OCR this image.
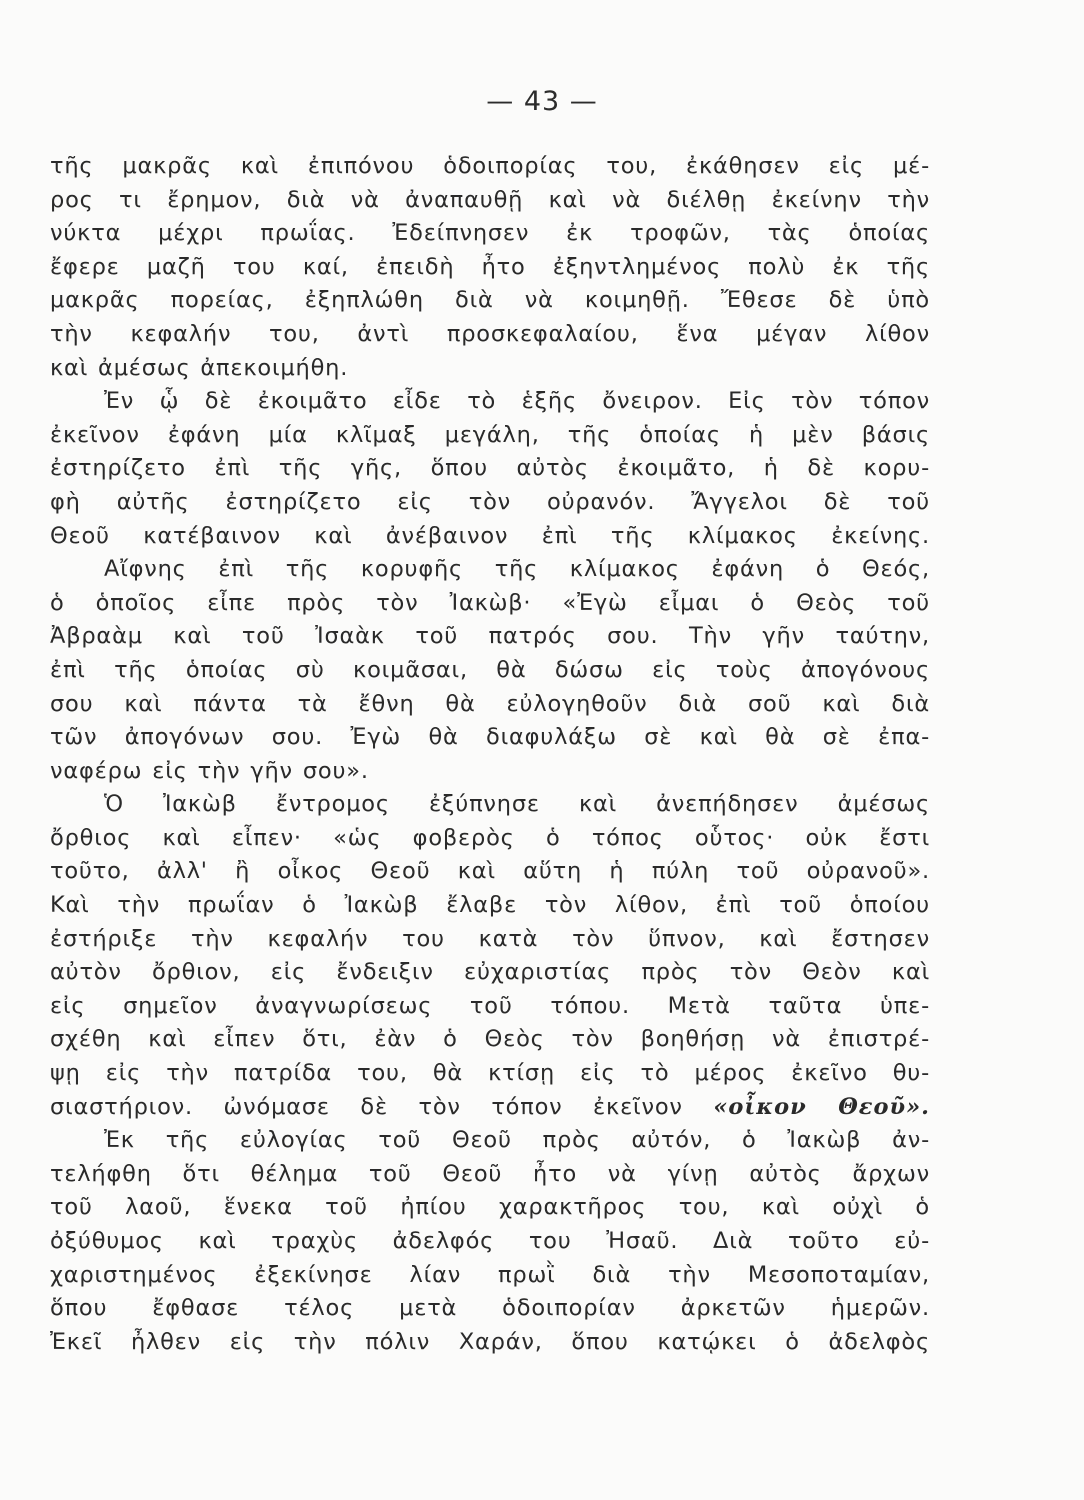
— 43 —
τῆς μακρᾶς καὶ ἐπιπόνου ὁδοιπορίας του, ἐκάθησεν εἰς μέ-
ρος τι ἔρημον, διὰ νὰ ἀναπαυθῇ καὶ νὰ διέλθῃ ἐκείνην τὴν
νύκτα μέχρι πρωΐας. Ἐδείπνησεν ἐκ τροφῶν, τὰς ὁποίας
ἔφερε μαζῆ του καί, ἐπειδὴ ἦτο ἐξηντλημένος πολὺ ἐκ τῆς
μακρᾶς πορείας, ἐξηπλώθη διὰ νὰ κοιμηθῇ. Ἔθεσε δὲ ὑπὸ
τὴν κεφαλήν του, ἀντὶ προσκεφαλαίου, ἕνα μέγαν λίθον
καὶ ἀμέσως ἀπεκοιμήθη.
Ἐν ᾧ δὲ ἐκοιμᾶτο εἶδε τὸ ἑξῆς ὄνειρον. Εἰς τὸν τόπον
ἐκεῖνον ἐφάνη μία κλῖμαξ μεγάλη, τῆς ὁποίας ἡ μὲν βάσις
ἐστηρίζετο ἐπὶ τῆς γῆς, ὅπου αὐτὸς ἐκοιμᾶτο, ἡ δὲ κορυ-
φὴ αὐτῆς ἐστηρίζετο εἰς τὸν οὐρανόν. Ἄγγελοι δὲ τοῦ
Θεοῦ κατέβαινον καὶ ἀνέβαινον ἐπὶ τῆς κλίμακος ἐκείνης.
Αἴφνης ἐπὶ τῆς κορυφῆς τῆς κλίμακος ἐφάνη ὁ Θεός,
ὁ ὁποῖος εἶπε πρὸς τὸν Ἰακὼβ· «Ἐγὼ εἶμαι ὁ Θεὸς τοῦ
Ἀβραὰμ καὶ τοῦ Ἰσαὰκ τοῦ πατρός σου. Τὴν γῆν ταύτην,
ἐπὶ τῆς ὁποίας σὺ κοιμᾶσαι, θὰ δώσω εἰς τοὺς ἀπογόνους
σου καὶ πάντα τὰ ἔθνη θὰ εὐλογηθοῦν διὰ σοῦ καὶ διὰ
τῶν ἀπογόνων σου. Ἐγὼ θὰ διαφυλάξω σὲ καὶ θὰ σὲ ἐπα-
ναφέρω εἰς τὴν γῆν σου».
Ὁ Ἰακὼβ ἔντρομος ἐξύπνησε καὶ ἀνεπήδησεν ἀμέσως
ὄρθιος καὶ εἶπεν· «ὡς φοβερὸς ὁ τόπος οὗτος· οὐκ ἔστι
τοῦτο, ἀλλ' ἢ οἶκος Θεοῦ καὶ αὕτη ἡ πύλη τοῦ οὐρανοῦ».
Καὶ τὴν πρωΐαν ὁ Ἰακὼβ ἔλαβε τὸν λίθον, ἐπὶ τοῦ ὁποίου
ἐστήριξε τὴν κεφαλήν του κατὰ τὸν ὕπνον, καὶ ἔστησεν
αὐτὸν ὄρθιον, εἰς ἔνδειξιν εὐχαριστίας πρὸς τὸν Θεὸν καὶ
εἰς σημεῖον ἀναγνωρίσεως τοῦ τόπου. Μετὰ ταῦτα ὑπε-
σχέθη καὶ εἶπεν ὅτι, ἐὰν ὁ Θεὸς τὸν βοηθήσῃ νὰ ἐπιστρέ-
ψῃ εἰς τὴν πατρίδα του, θὰ κτίσῃ εἰς τὸ μέρος ἐκεῖνο θυ-
σιαστήριον. ὠνόμασε δὲ τὸν τόπον ἐκεῖνον «οἶκον Θεοῦ».
Ἐκ τῆς εὐλογίας τοῦ Θεοῦ πρὸς αὐτόν, ὁ Ἰακὼβ ἀν-
τελήφθη ὅτι θέλημα τοῦ Θεοῦ ἦτο νὰ γίνῃ αὐτὸς ἄρχων
τοῦ λαοῦ, ἕνεκα τοῦ ἠπίου χαρακτῆρος του, καὶ οὐχὶ ὁ
ὀξύθυμος καὶ τραχὺς ἀδελφός του Ἠσαῦ. Διὰ τοῦτο εὐ-
χαριστημένος ἐξεκίνησε λίαν πρωῒ διὰ τὴν Μεσοποταμίαν,
ὅπου ἔφθασε τέλος μετὰ ὁδοιπορίαν ἀρκετῶν ἡμερῶν.
Ἐκεῖ ἦλθεν εἰς τὴν πόλιν Χαράν, ὅπου κατῴκει ὁ ἀδελφὸς
